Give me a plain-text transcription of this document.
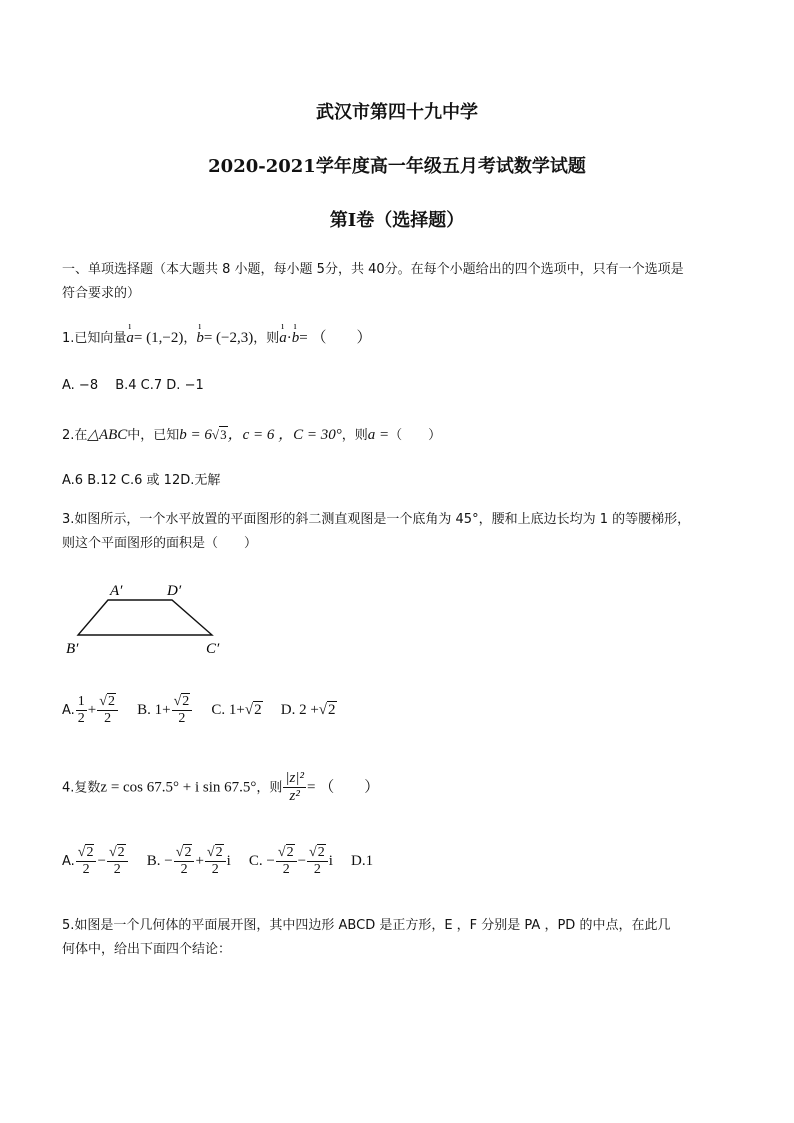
武汉市第四十九中学
2020-2021学年度高一年级五月考试数学试题
第Ⅰ卷（选择题）
一、单项选择题（本大题共 8 小题，每小题 5分，共 40分。在每个小题给出的四个选项中，只有一个选项是
符合要求的）
1.已知向量ı a= (1,−2)，ı b= (−2,3)，则ı a·ı b= （　　）
A. −8　 B.4 C.7 D. −1
2.在△ABC中，已知b = 6√3，c = 6 ，C = 30°，则a =（　　）
A.6 B.12 C.6 或 12D.无解
3.如图所示，一个水平放置的平面图形的斜二测直观图是一个底角为 45°，腰和上底边长均为 1 的等腰梯形，
则这个平面图形的面积是（　　）
A′	D′
B′	C′
A. $\frac{1}{2} + \frac{√2}{2} B$. $1+ \frac{√2}{2} C$. 1+√2 D. 2 +√2
4.复数z = cos 67.5° + i sin 67.5°，则 $\frac{\text{|z|²}}{\text{z²}}$ = （　　）
A. $\frac{√2}{2} - \frac{√2}{2} B$. − $\frac{√2}{2} + \frac{√2}{2}$ i C. − $\frac{√2}{2} - \frac{√2}{2}$ i D.1
5.如图是一个几何体的平面展开图，其中四边形 ABCD 是正方形，E ，F 分别是 PA ，PD 的中点，在此几
何体中，给出下面四个结论：
